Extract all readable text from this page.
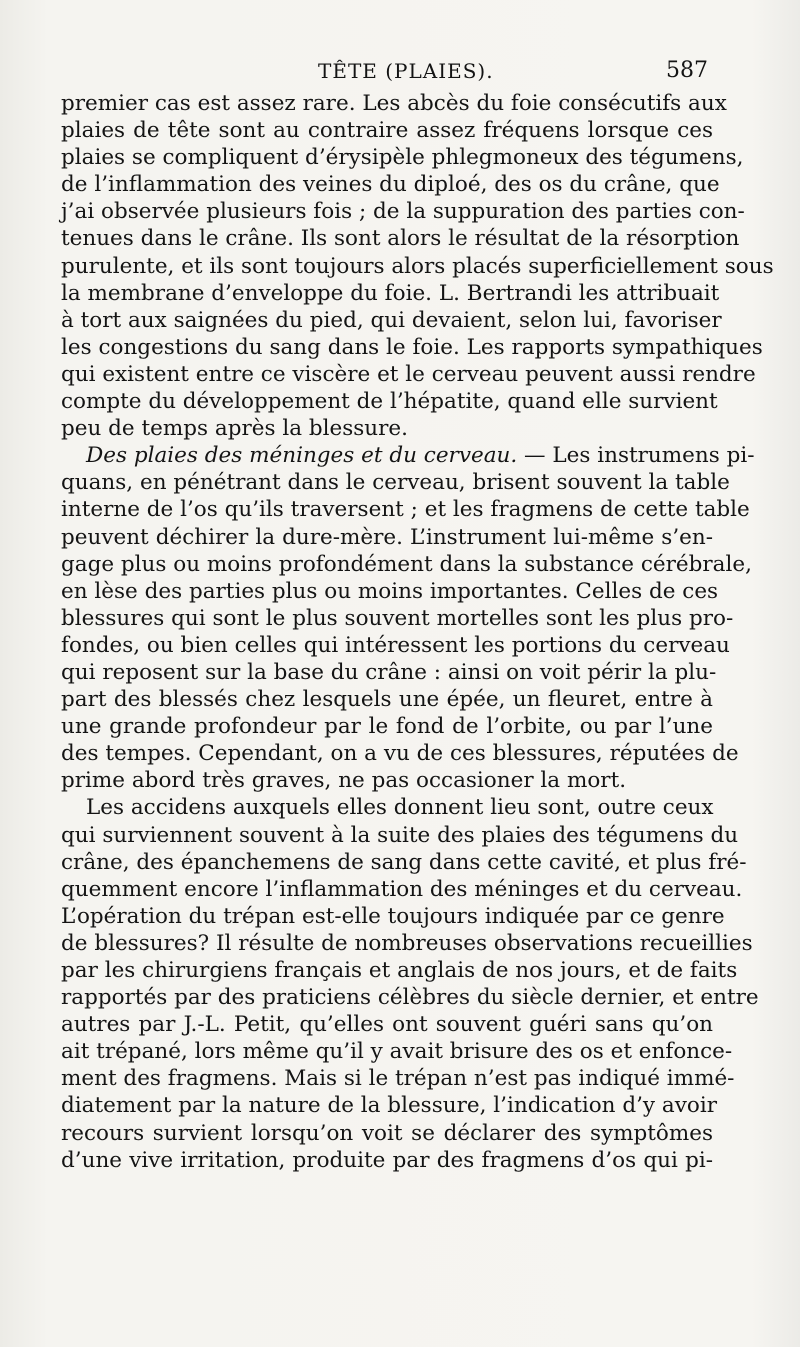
TÊTE (PLAIES).	587
premier cas est assez rare. Les abcès du foie consécutifs aux
plaies de tête sont au contraire assez fréquens lorsque ces
plaies se compliquent d’érysipèle phlegmoneux des tégumens,
de l’inflammation des veines du diploé, des os du crâne, que
j’ai observée plusieurs fois ; de la suppuration des parties con-
tenues dans le crâne. Ils sont alors le résultat de la résorption
purulente, et ils sont toujours alors placés superficiellement sous
la membrane d’enveloppe du foie. L. Bertrandi les attribuait
à tort aux saignées du pied, qui devaient, selon lui, favoriser
les congestions du sang dans le foie. Les rapports sympathiques
qui existent entre ce viscère et le cerveau peuvent aussi rendre
compte du développement de l’hépatite, quand elle survient
peu de temps après la blessure.
Des plaies des méninges et du cerveau. — Les instrumens pi-
quans, en pénétrant dans le cerveau, brisent souvent la table
interne de l’os qu’ils traversent ; et les fragmens de cette table
peuvent déchirer la dure-mère. L’instrument lui-même s’en-
gage plus ou moins profondément dans la substance cérébrale,
en lèse des parties plus ou moins importantes. Celles de ces
blessures qui sont le plus souvent mortelles sont les plus pro-
fondes, ou bien celles qui intéressent les portions du cerveau
qui reposent sur la base du crâne : ainsi on voit périr la plu-
part des blessés chez lesquels une épée, un fleuret, entre à
une grande profondeur par le fond de l’orbite, ou par l’une
des tempes. Cependant, on a vu de ces blessures, réputées de
prime abord très graves, ne pas occasioner la mort.
Les accidens auxquels elles donnent lieu sont, outre ceux
qui surviennent souvent à la suite des plaies des tégumens du
crâne, des épanchemens de sang dans cette cavité, et plus fré-
quemment encore l’inflammation des méninges et du cerveau.
L’opération du trépan est-elle toujours indiquée par ce genre
de blessures? Il résulte de nombreuses observations recueillies
par les chirurgiens français et anglais de nos jours, et de faits
rapportés par des praticiens célèbres du siècle dernier, et entre
autres par J.-L. Petit, qu’elles ont souvent guéri sans qu’on
ait trépané, lors même qu’il y avait brisure des os et enfonce-
ment des fragmens. Mais si le trépan n’est pas indiqué immé-
diatement par la nature de la blessure, l’indication d’y avoir
recours survient lorsqu’on voit se déclarer des symptômes
d’une vive irritation, produite par des fragmens d’os qui pi-
